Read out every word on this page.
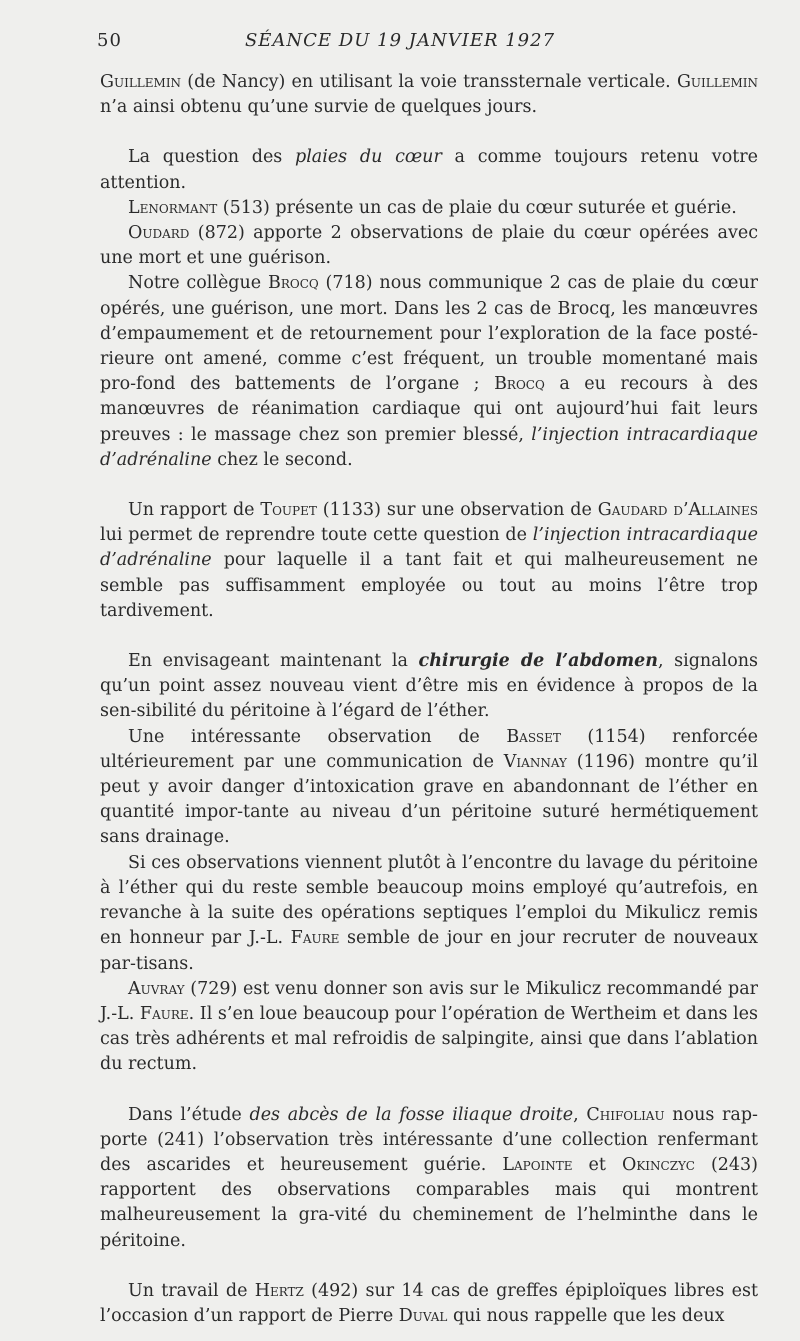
50	SÉANCE DU 19 JANVIER 1927

Guillemin (de Nancy) en utilisant la voie transsternale verticale. Guillemin n’a ainsi obtenu qu’une survie de quelques jours.

La question des plaies du cœur a comme toujours retenu votre attention.

Lenormant (513) présente un cas de plaie du cœur suturée et guérie.

Oudard (872) apporte 2 observations de plaie du cœur opérées avec une mort et une guérison.

Notre collègue Brocq (718) nous communique 2 cas de plaie du cœur opérés, une guérison, une mort. Dans les 2 cas de Brocq, les manœuvres d’empaumement et de retournement pour l’exploration de la face posté-rieure ont amené, comme c’est fréquent, un trouble momentané mais pro-fond des battements de l’organe ; Brocq a eu recours à des manœuvres de réanimation cardiaque qui ont aujourd’hui fait leurs preuves : le massage chez son premier blessé, l’injection intracardiaque d’adrénaline chez le second.

Un rapport de Toupet (1133) sur une observation de Gaudard d’Allaines lui permet de reprendre toute cette question de l’injection intracardiaque d’adrénaline pour laquelle il a tant fait et qui malheureusement ne semble pas suffisamment employée ou tout au moins l’être trop tardivement.

En envisageant maintenant la chirurgie de l’abdomen, signalons qu’un point assez nouveau vient d’être mis en évidence à propos de la sen-sibilité du péritoine à l’égard de l’éther.

Une intéressante observation de Basset (1154) renforcée ultérieurement par une communication de Viannay (1196) montre qu’il peut y avoir danger d’intoxication grave en abandonnant de l’éther en quantité impor-tante au niveau d’un péritoine suturé hermétiquement sans drainage.

Si ces observations viennent plutôt à l’encontre du lavage du péritoine à l’éther qui du reste semble beaucoup moins employé qu’autrefois, en revanche à la suite des opérations septiques l’emploi du Mikulicz remis en honneur par J.-L. Faure semble de jour en jour recruter de nouveaux par-tisans.

Auvray (729) est venu donner son avis sur le Mikulicz recommandé par J.-L. Faure. Il s’en loue beaucoup pour l’opération de Wertheim et dans les cas très adhérents et mal refroidis de salpingite, ainsi que dans l’ablation du rectum.

Dans l’étude des abcès de la fosse iliaque droite, Chifoliau nous rap-porte (241) l’observation très intéressante d’une collection renfermant des ascarides et heureusement guérie. Lapointe et Okinczyc (243) rapportent des observations comparables mais qui montrent malheureusement la gra-vité du cheminement de l’helminthe dans le péritoine.

Un travail de Hertz (492) sur 14 cas de greffes épiploïques libres est l’occasion d’un rapport de Pierre Duval qui nous rappelle que les deux
